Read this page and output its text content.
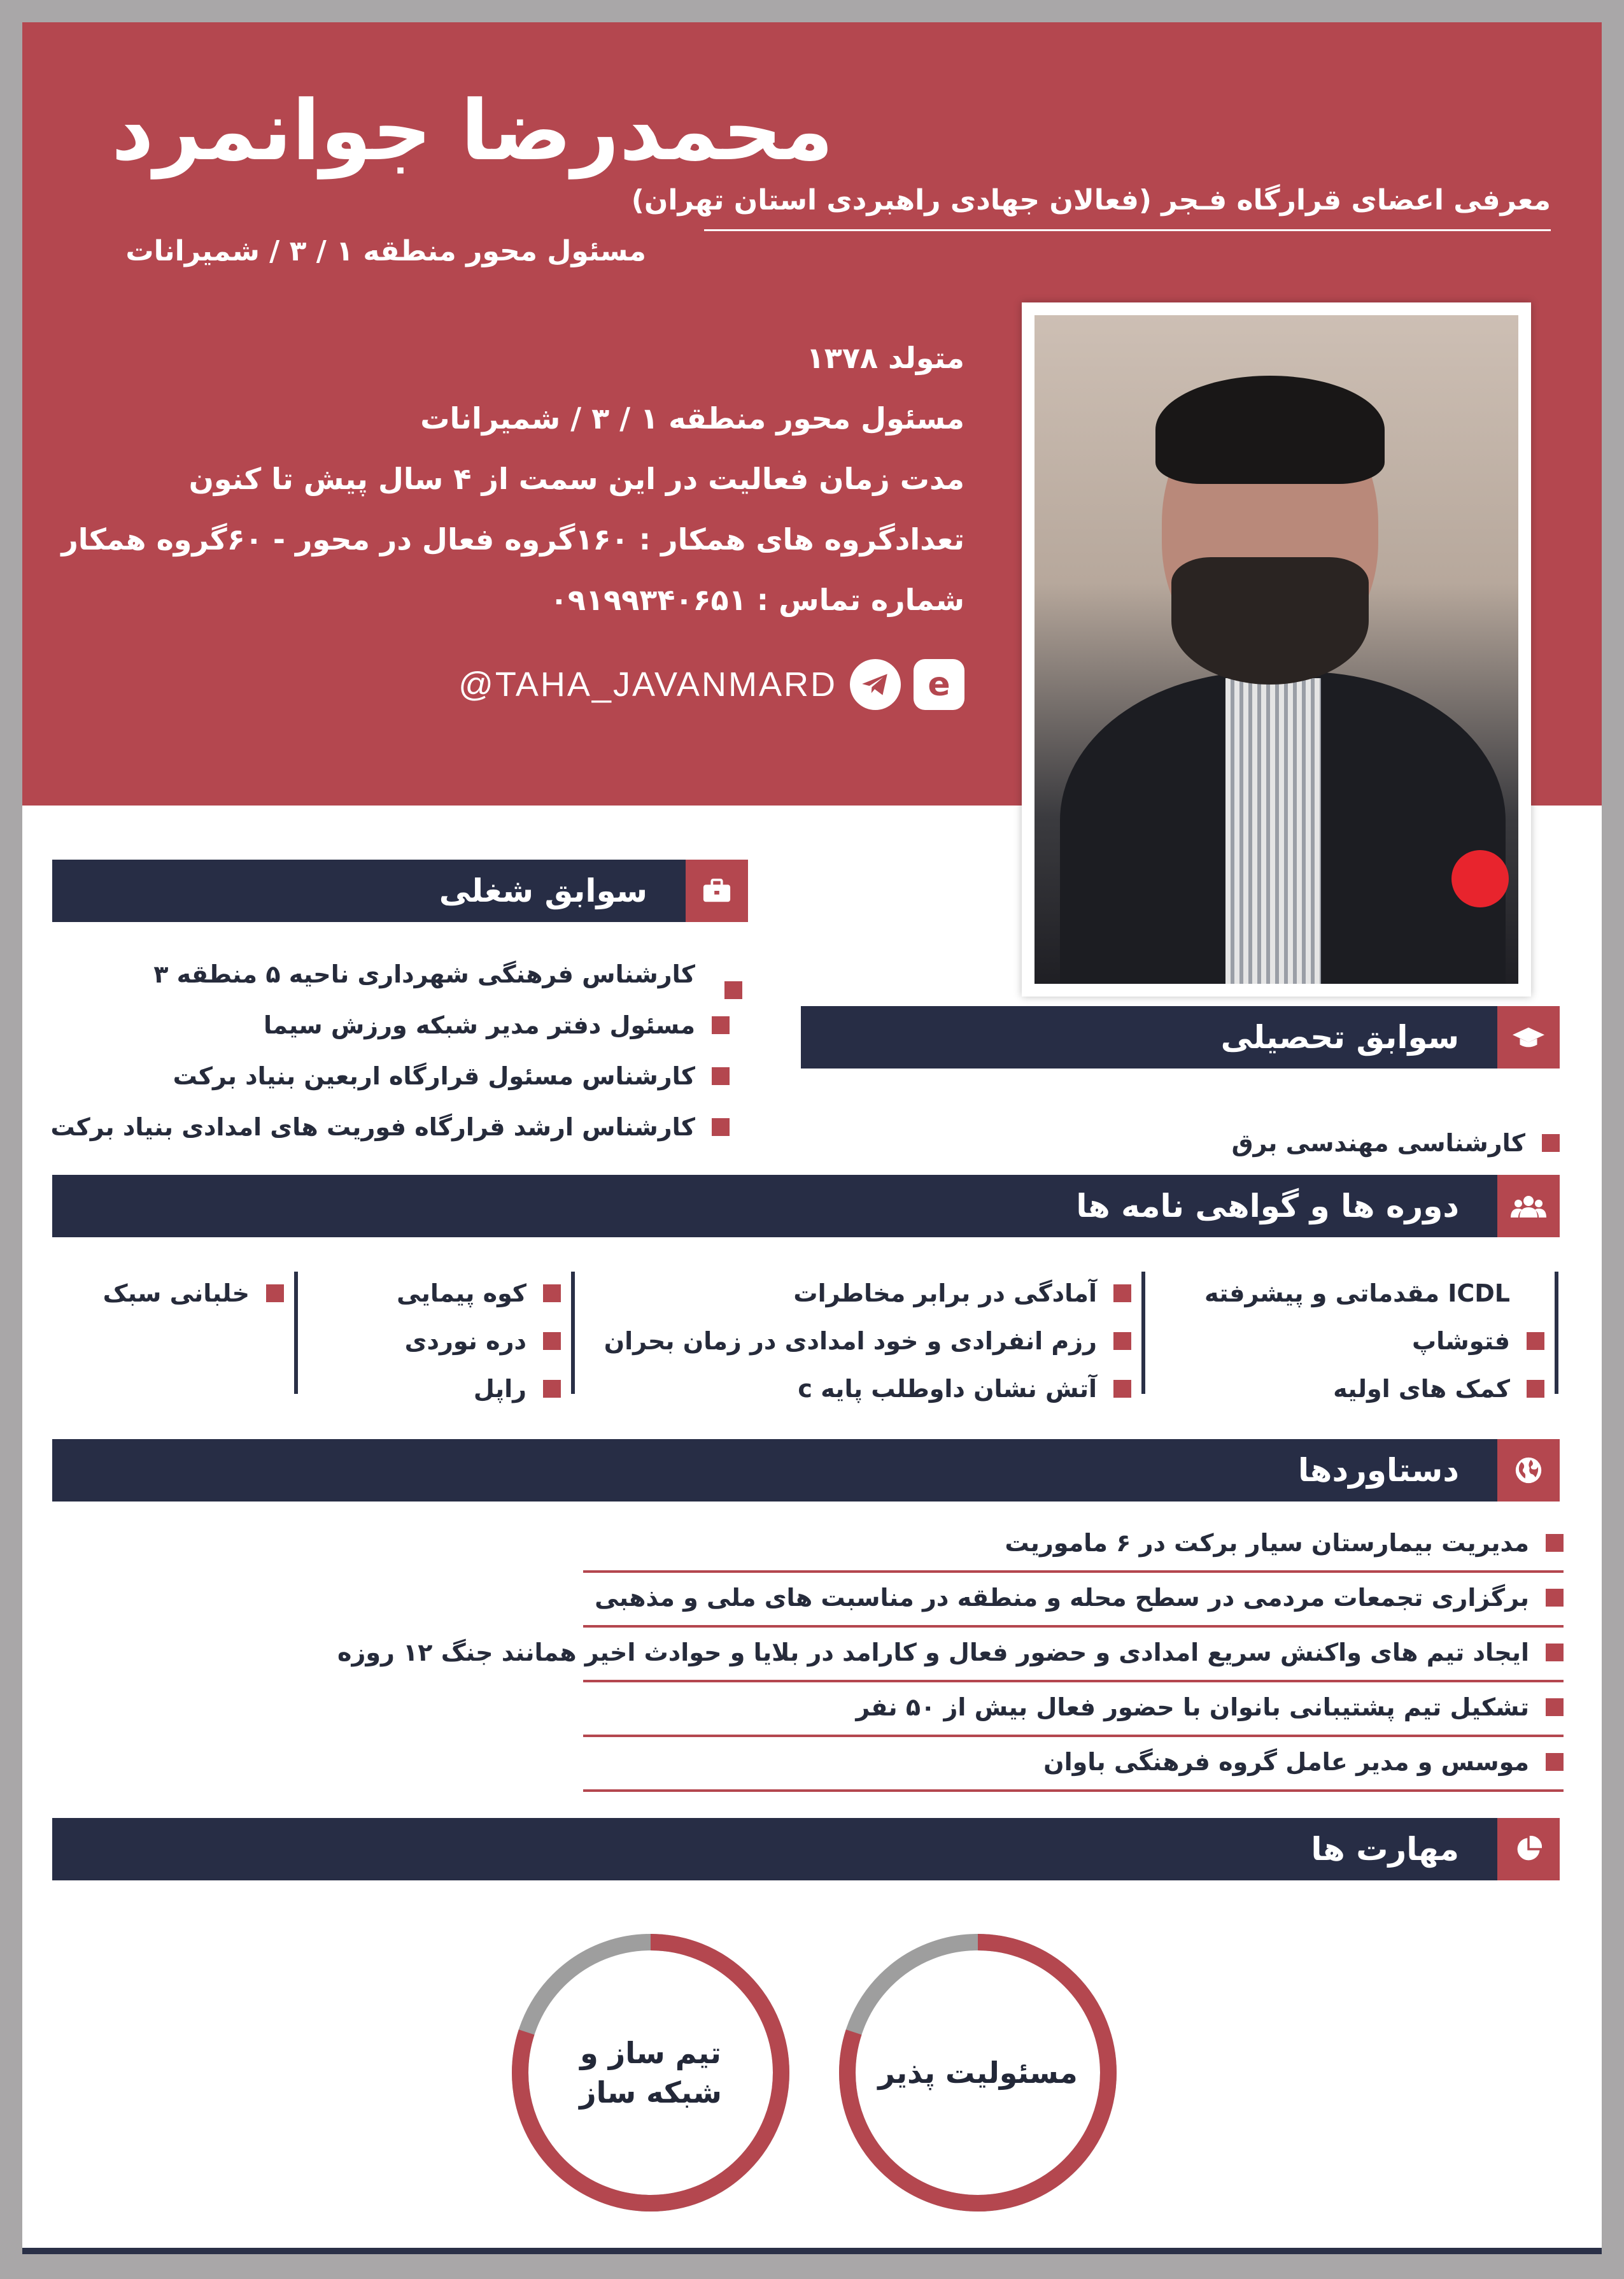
محمدرضا جوانمرد
معرفی اعضای قرارگاه فـجر (فعالان جهادی راهبردی استان تهران)
مسئول محور منطقه ۱ / ۳ / شمیرانات
متولد ۱۳۷۸
مسئول محور منطقه ۱ / ۳ / شمیرانات
مدت زمان فعالیت در این سمت از ۴ سال پیش تا کنون
تعدادگروه های همکار : ۱۶۰گروه فعال در محور - ۶۰گروه همکار
شماره تماس : ۰۹۱۹۹۳۴۰۶۵۱
e
@TAHA_JAVANMARD
سوابق شغلی
کارشناس فرهنگی شهرداری ناحیه ۵ منطقه ۳
مسئول دفتر مدیر شبکه ورزش سیما
کارشناس مسئول قرارگاه اربعین بنیاد برکت
کارشناس ارشد قرارگاه فوریت های امدادی بنیاد برکت
سوابق تحصیلی
کارشناسی مهندسی برق
دوره ها و گواهی نامه ها
ICDL مقدماتی و پیشرفته
فتوشاپ
کمک های اولیه
آمادگی در برابر مخاطرات
رزم انفرادی و خود امدادی در زمان بحران
آتش نشان داوطلب پایه c
کوه پیمایی
دره نوردی
راپل
خلبانی سبک
دستاوردها
مدیریت بیمارستان سیار برکت در ۶ ماموریت
برگزاری تجمعات مردمی در سطح محله و منطقه در مناسبت های ملی و مذهبی
ایجاد تیم های واکنش سریع امدادی و حضور فعال و کارامد در بلایا و حوادث اخیر همانند جنگ ۱۲ روزه
تشکیل تیم پشتیبانی بانوان با حضور فعال بیش از ۵۰ نفر
موسس و مدیر عامل گروه فرهنگی باوان
مهارت ها
مسئولیت پذیر
تیم ساز و شبکه ساز
